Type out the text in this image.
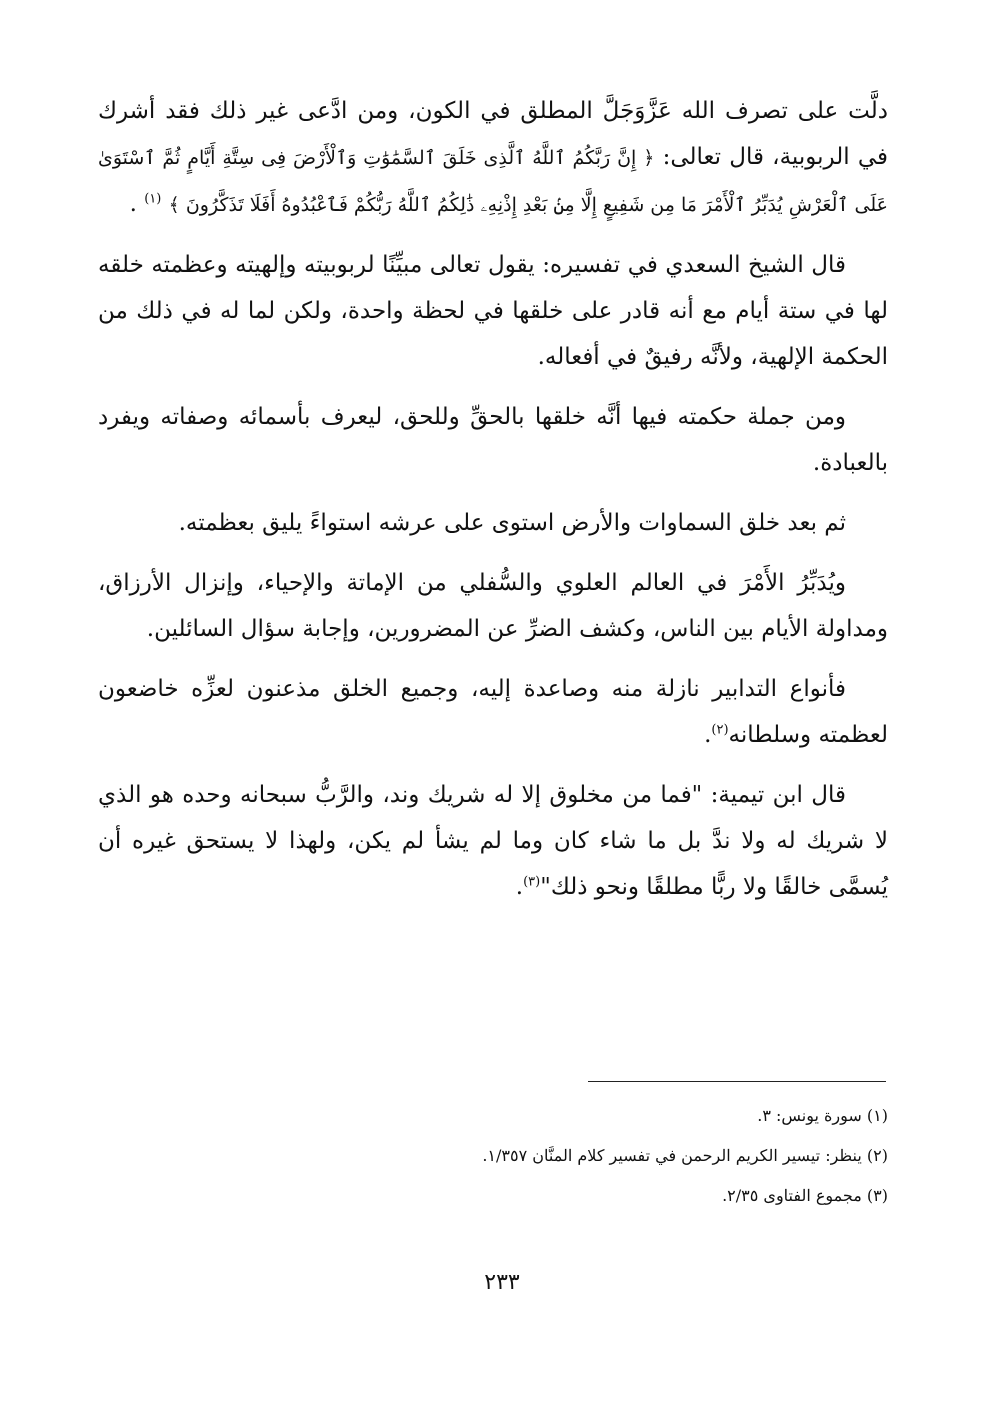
دلَّت على تصرف الله عَزَّوَجَلَّ المطلق في الكون، ومن ادَّعى غير ذلك فقد أشرك في الربوبية، قال تعالى: ﴿ إِنَّ رَبَّكُمُ ٱللَّهُ ٱلَّذِى خَلَقَ ٱلسَّمَٰوَٰتِ وَٱلْأَرْضَ فِى سِتَّةِ أَيَّامٍ ثُمَّ ٱسْتَوَىٰ عَلَى ٱلْعَرْشِ يُدَبِّرُ ٱلْأَمْرَ مَا مِن شَفِيعٍ إِلَّا مِنۢ بَعْدِ إِذْنِهِۦ ذَٰلِكُمُ ٱللَّهُ رَبُّكُمْ فَٱعْبُدُوهُ أَفَلَا تَذَكَّرُونَ ﴾ $^{(١)}$ .

قال الشيخ السعدي في تفسيره: يقول تعالى مبيِّنًا لربوبيته وإلهيته وعظمته خلقه لها في ستة أيام مع أنه قادر على خلقها في لحظة واحدة، ولكن لما له في ذلك من الحكمة الإلهية، ولأنَّه رفيقٌ في أفعاله.

ومن جملة حكمته فيها أنَّه خلقها بالحقِّ وللحق، ليعرف بأسمائه وصفاته ويفرد بالعبادة.

ثم بعد خلق السماوات والأرض استوى على عرشه استواءً يليق بعظمته.

ويُدَبِّرُ الأَمْرَ في العالم العلوي والسُّفلي من الإماتة والإحياء، وإنزال الأرزاق، ومداولة الأيام بين الناس، وكشف الضرِّ عن المضرورين، وإجابة سؤال السائلين.

فأنواع التدابير نازلة منه وصاعدة إليه، وجميع الخلق مذعنون لعزِّه خاضعون لعظمته وسلطانه$^{(٢)}$.

قال ابن تيمية: "فما من مخلوق إلا له شريك وند، والرَّبُّ سبحانه وحده هو الذي لا شريك له ولا ندَّ بل ما شاء كان وما لم يشأ لم يكن، ولهذا لا يستحق غيره أن يُسمَّى خالقًا ولا ربًّا مطلقًا ونحو ذلك"$^{(٣)}$.

(١) سورة يونس: ٣.

(٢) ينظر: تيسير الكريم الرحمن في تفسير كلام المنَّان ١/٣٥٧.

(٣) مجموع الفتاوى ٢/٣٥.

٢٣٣
